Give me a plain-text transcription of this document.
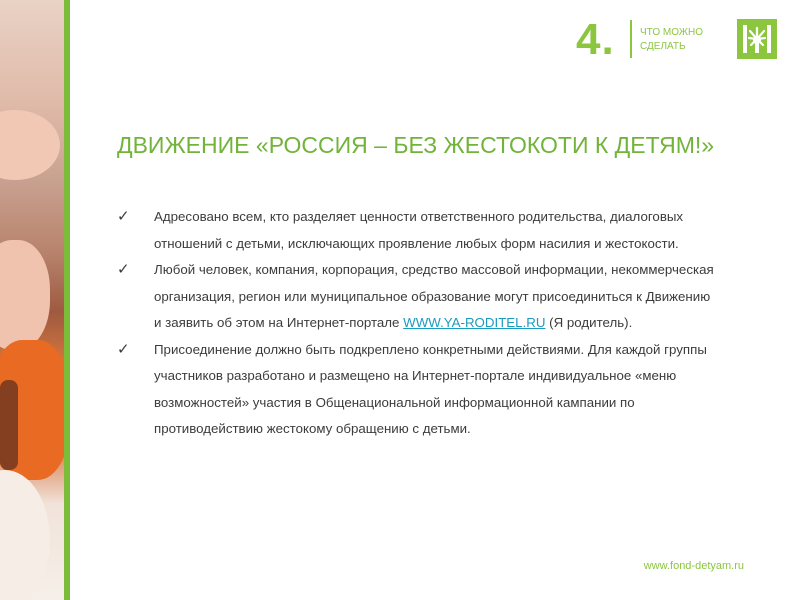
4.	ЧТО МОЖНО СДЕЛАТЬ
ДВИЖЕНИЕ «РОССИЯ – БЕЗ ЖЕСТОКОТИ К ДЕТЯМ!»
✓ Адресовано всем, кто разделяет ценности ответственного родительства, диалоговых отношений с детьми, исключающих проявление любых форм насилия и жестокости.
✓ Любой человек, компания, корпорация, средство массовой информации, некоммерческая организация, регион или муниципальное образование могут присоединиться к Движению и заявить об этом на Интернет-портале WWW.YA-RODITEL.RU (Я родитель).
✓ Присоединение должно быть подкреплено конкретными действиями. Для каждой группы участников разработано и размещено на Интернет-портале индивидуальное «меню возможностей» участия в Общенациональной информационной кампании по противодействию жестокому обращению с детьми.
www.fond-detyam.ru
